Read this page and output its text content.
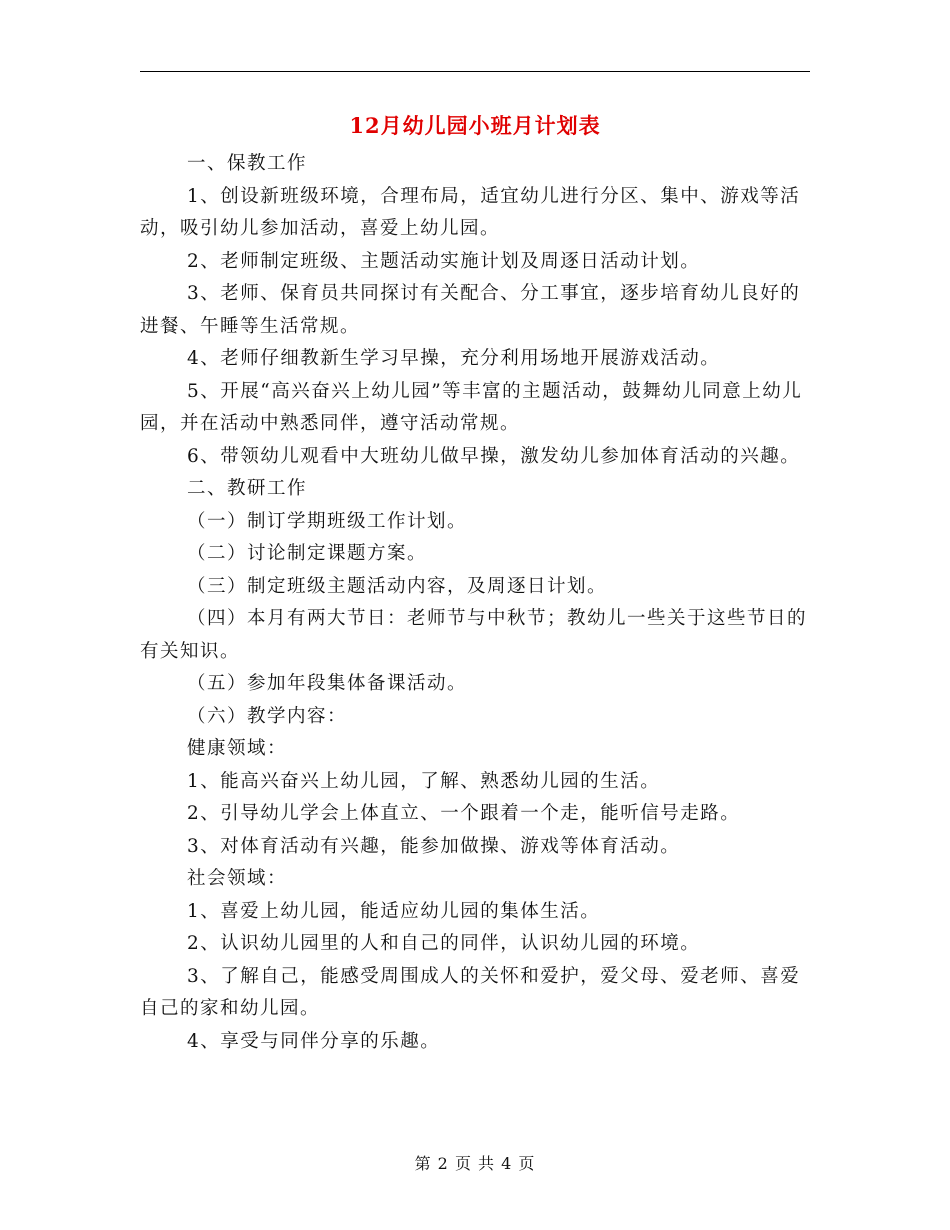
12月幼儿园小班月计划表

一、保教工作

1、创设新班级环境，合理布局，适宜幼儿进行分区、集中、游戏等活动，吸引幼儿参加活动，喜爱上幼儿园。

2、老师制定班级、主题活动实施计划及周逐日活动计划。

3、老师、保育员共同探讨有关配合、分工事宜，逐步培育幼儿良好的进餐、午睡等生活常规。

4、老师仔细教新生学习早操，充分利用场地开展游戏活动。

5、开展“高兴奋兴上幼儿园”等丰富的主题活动，鼓舞幼儿同意上幼儿园，并在活动中熟悉同伴，遵守活动常规。

6、带领幼儿观看中大班幼儿做早操，激发幼儿参加体育活动的兴趣。

二、教研工作

（一）制订学期班级工作计划。

（二）讨论制定课题方案。

（三）制定班级主题活动内容，及周逐日计划。

（四）本月有两大节日：老师节与中秋节；教幼儿一些关于这些节日的有关知识。

（五）参加年段集体备课活动。

（六）教学内容：

健康领域：

1、能高兴奋兴上幼儿园，了解、熟悉幼儿园的生活。

2、引导幼儿学会上体直立、一个跟着一个走，能听信号走路。

3、对体育活动有兴趣，能参加做操、游戏等体育活动。

社会领域：

1、喜爱上幼儿园，能适应幼儿园的集体生活。

2、认识幼儿园里的人和自己的同伴，认识幼儿园的环境。

3、了解自己，能感受周围成人的关怀和爱护，爱父母、爱老师、喜爱自己的家和幼儿园。

4、享受与同伴分享的乐趣。

第 2 页 共 4 页
